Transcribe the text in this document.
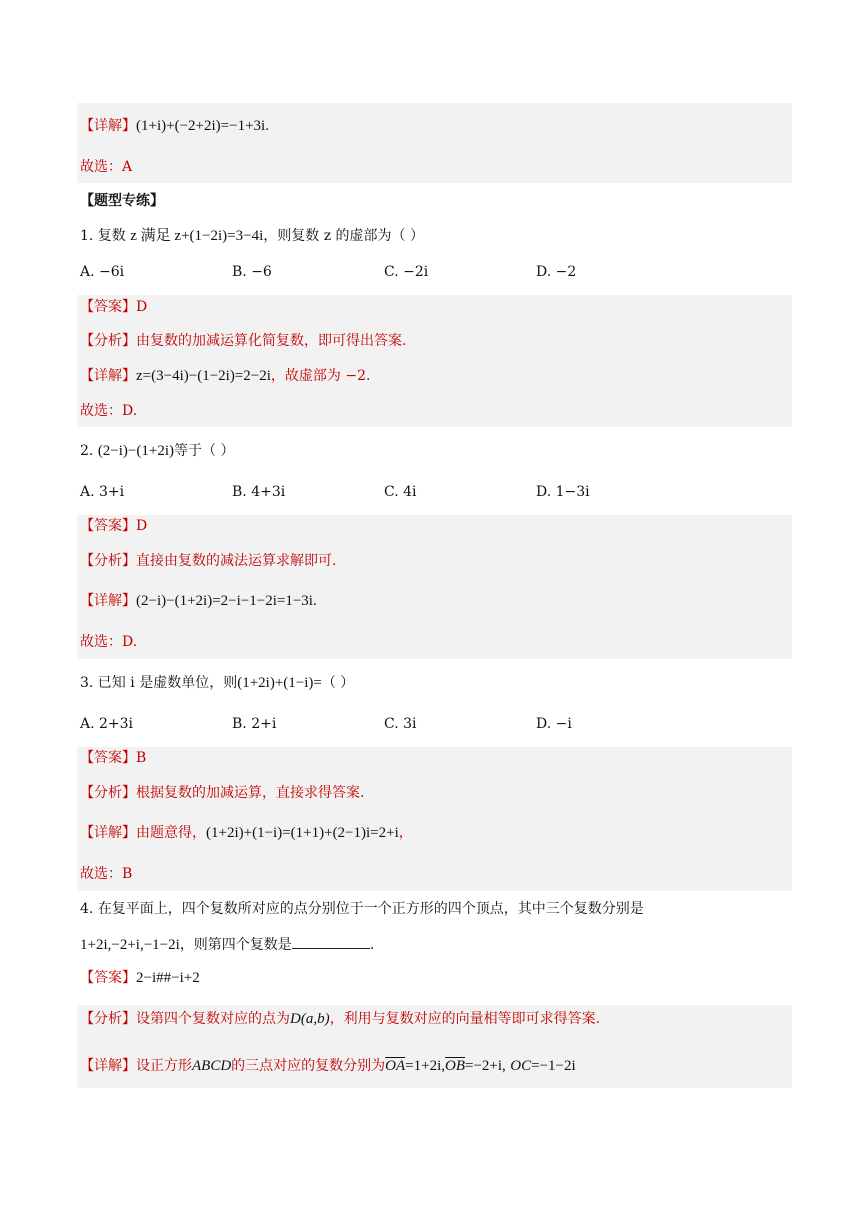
【详解】(1+i)+(−2+2i)=−1+3i.
故选：A
【题型专练】
1. 复数 z 满足 z+(1−2i)=3−4i，则复数 z 的虚部为（ ）
A. −6i	B. −6	C. −2i	D. −2
【答案】D
【分析】由复数的加减运算化简复数，即可得出答案.
【详解】z=(3−4i)−(1−2i)=2−2i，故虚部为 −2.
故选：D.
2. (2−i)−(1+2i)等于（ ）
A. 3+i	B. 4+3i	C. 4i	D. 1−3i
【答案】D
【分析】直接由复数的减法运算求解即可.
【详解】(2−i)−(1+2i)=2−i−1−2i=1−3i.
故选：D.
3. 已知 i 是虚数单位，则(1+2i)+(1−i)=（ ）
A. 2+3i	B. 2+i	C. 3i	D. −i
【答案】B
【分析】根据复数的加减运算，直接求得答案.
【详解】由题意得，(1+2i)+(1−i)=(1+1)+(2−1)i=2+i，
故选：B
4. 在复平面上，四个复数所对应的点分别位于一个正方形的四个顶点，其中三个复数分别是
1+2i,−2+i,−1−2i，则第四个复数是	.
【答案】2−i##−i+2
【分析】设第四个复数对应的点为D(a,b)，利用与复数对应的向量相等即可求得答案.
【详解】设正方形ABCD的三点对应的复数分别为$\overline{OA}=1+2i,\overline{OB}=-2+i$, OC=−1−2i
